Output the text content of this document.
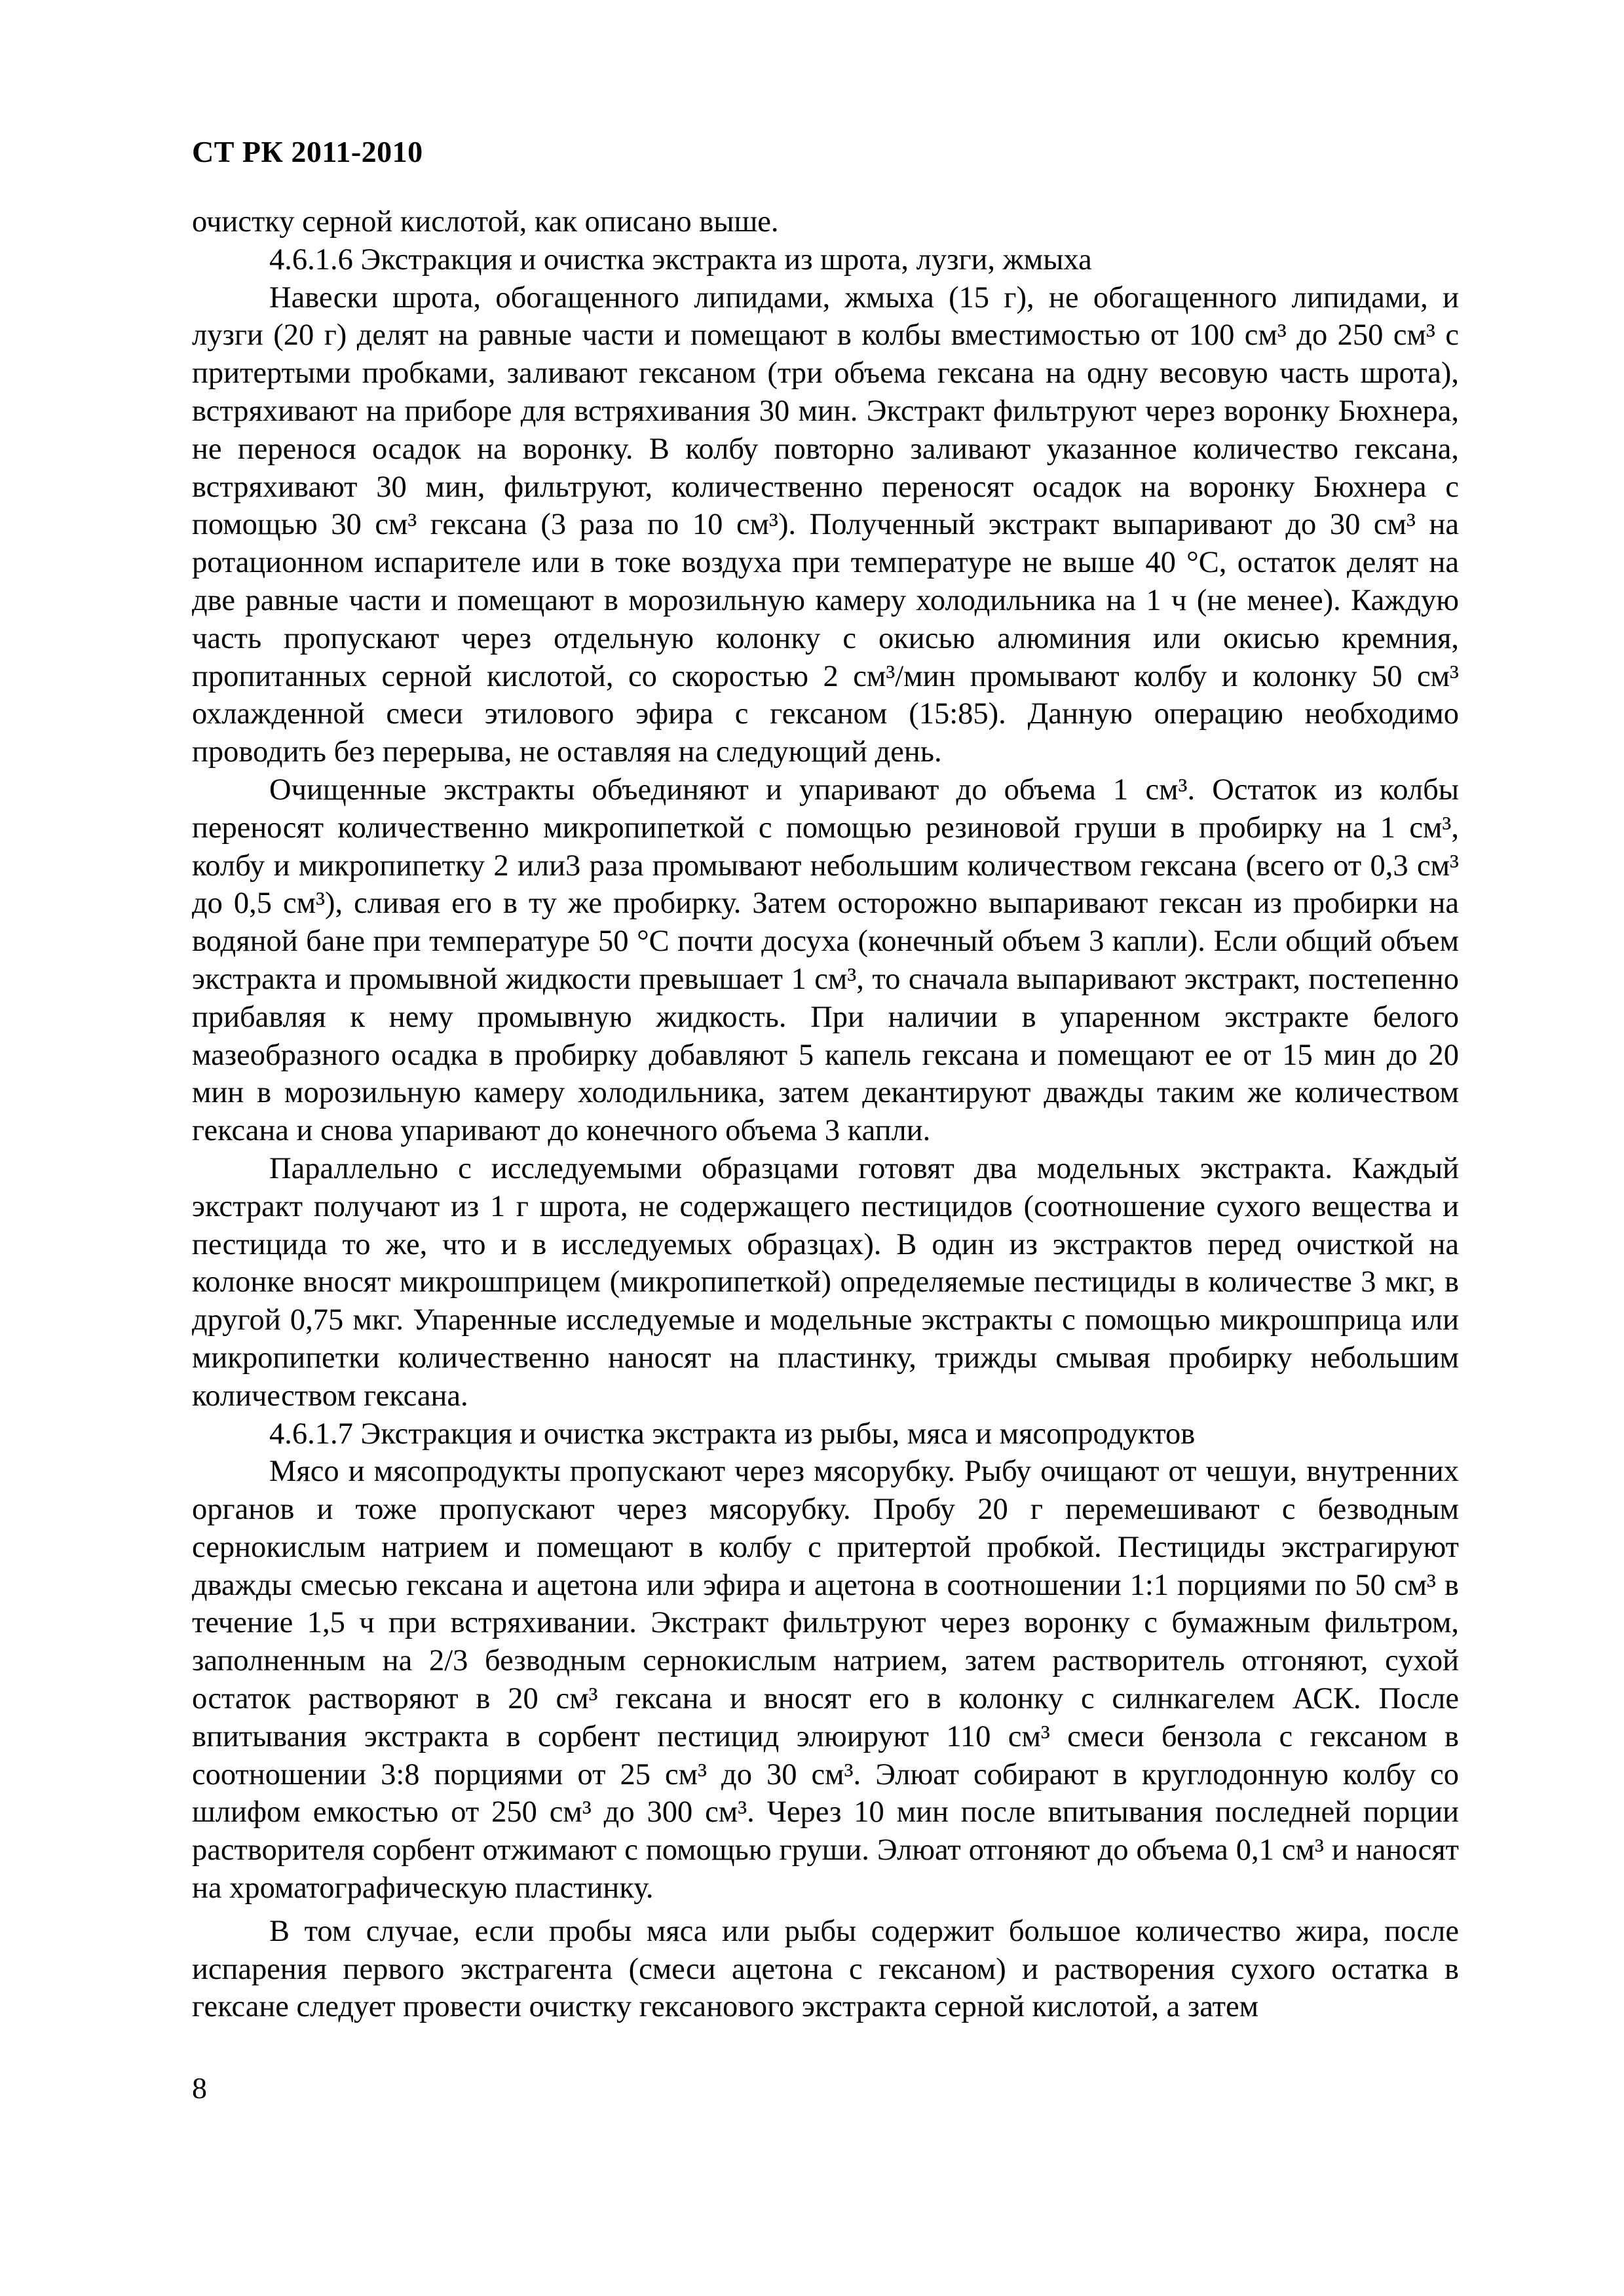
СТ РК 2011-2010

очистку серной кислотой, как описано выше.

4.6.1.6 Экстракция и очистка экстракта из шрота, лузги, жмыха

Навески шрота, обогащенного липидами, жмыха (15 г), не обогащенного липидами, и лузги (20 г) делят на равные части и помещают в колбы вместимостью от 100 см³ до 250 см³ с притертыми пробками, заливают гексаном (три объема гексана на одну весовую часть шрота), встряхивают на приборе для встряхивания 30 мин. Экстракт фильтруют через воронку Бюхнера, не перенося осадок на воронку. В колбу повторно заливают указанное количество гексана, встряхивают 30 мин, фильтруют, количественно переносят осадок на воронку Бюхнера с помощью 30 см³ гексана (3 раза по 10 см³). Полученный экстракт выпаривают до 30 см³ на ротационном испарителе или в токе воздуха при температуре не выше 40 °С, остаток делят на две равные части и помещают в морозильную камеру холодильника на 1 ч (не менее). Каждую часть пропускают через отдельную колонку с окисью алюминия или окисью кремния, пропитанных серной кислотой, со скоростью 2 см³/мин промывают колбу и колонку 50 см³ охлажденной смеси этилового эфира с гексаном (15:85). Данную операцию необходимо проводить без перерыва, не оставляя на следующий день.

Очищенные экстракты объединяют и упаривают до объема 1 см³. Остаток из колбы переносят количественно микропипеткой с помощью резиновой груши в пробирку на 1 см³, колбу и микропипетку 2 или3 раза промывают небольшим количеством гексана (всего от 0,3 см³ до 0,5 см³), сливая его в ту же пробирку. Затем осторожно выпаривают гексан из пробирки на водяной бане при температуре 50 °С почти досуха (конечный объем 3 капли). Если общий объем экстракта и промывной жидкости превышает 1 см³, то сначала выпаривают экстракт, постепенно прибавляя к нему промывную жидкость. При наличии в упаренном экстракте белого мазеобразного осадка в пробирку добавляют 5 капель гексана и помещают ее от 15 мин до 20 мин в морозильную камеру холодильника, затем декантируют дважды таким же количеством гексана и снова упаривают до конечного объема 3 капли.

Параллельно с исследуемыми образцами готовят два модельных экстракта. Каждый экстракт получают из 1 г шрота, не содержащего пестицидов (соотношение сухого вещества и пестицида то же, что и в исследуемых образцах). В один из экстрактов перед очисткой на колонке вносят микрошприцем (микропипеткой) определяемые пестициды в количестве 3 мкг, в другой 0,75 мкг. Упаренные исследуемые и модельные экстракты с помощью микрошприца или микропипетки количественно наносят на пластинку, трижды смывая пробирку небольшим количеством гексана.

4.6.1.7 Экстракция и очистка экстракта из рыбы, мяса и мясопродуктов

Мясо и мясопродукты пропускают через мясорубку. Рыбу очищают от чешуи, внутренних органов и тоже пропускают через мясорубку. Пробу 20 г перемешивают с безводным сернокислым натрием и помещают в колбу с притертой пробкой. Пестициды экстрагируют дважды смесью гексана и ацетона или эфира и ацетона в соотношении 1:1 порциями по 50 см³ в течение 1,5 ч при встряхивании. Экстракт фильтруют через воронку с бумажным фильтром, заполненным на 2/3 безводным сернокислым натрием, затем растворитель отгоняют, сухой остаток растворяют в 20 см³ гексана и вносят его в колонку с силнкагелем АСК. После впитывания экстракта в сорбент пестицид элюируют 110 см³ смеси бензола с гексаном в соотношении 3:8 порциями от 25 см³ до 30 см³. Элюат собирают в круглодонную колбу со шлифом емкостью от 250 см³ до 300 см³. Через 10 мин после впитывания последней порции растворителя сорбент отжимают с помощью груши. Элюат отгоняют до объема 0,1 см³ и наносят на хроматографическую пластинку.

В том случае, если пробы мяса или рыбы содержит большое количество жира, после испарения первого экстрагента (смеси ацетона с гексаном) и растворения сухого остатка в гексане следует провести очистку гексанового экстракта серной кислотой, а затем

8
